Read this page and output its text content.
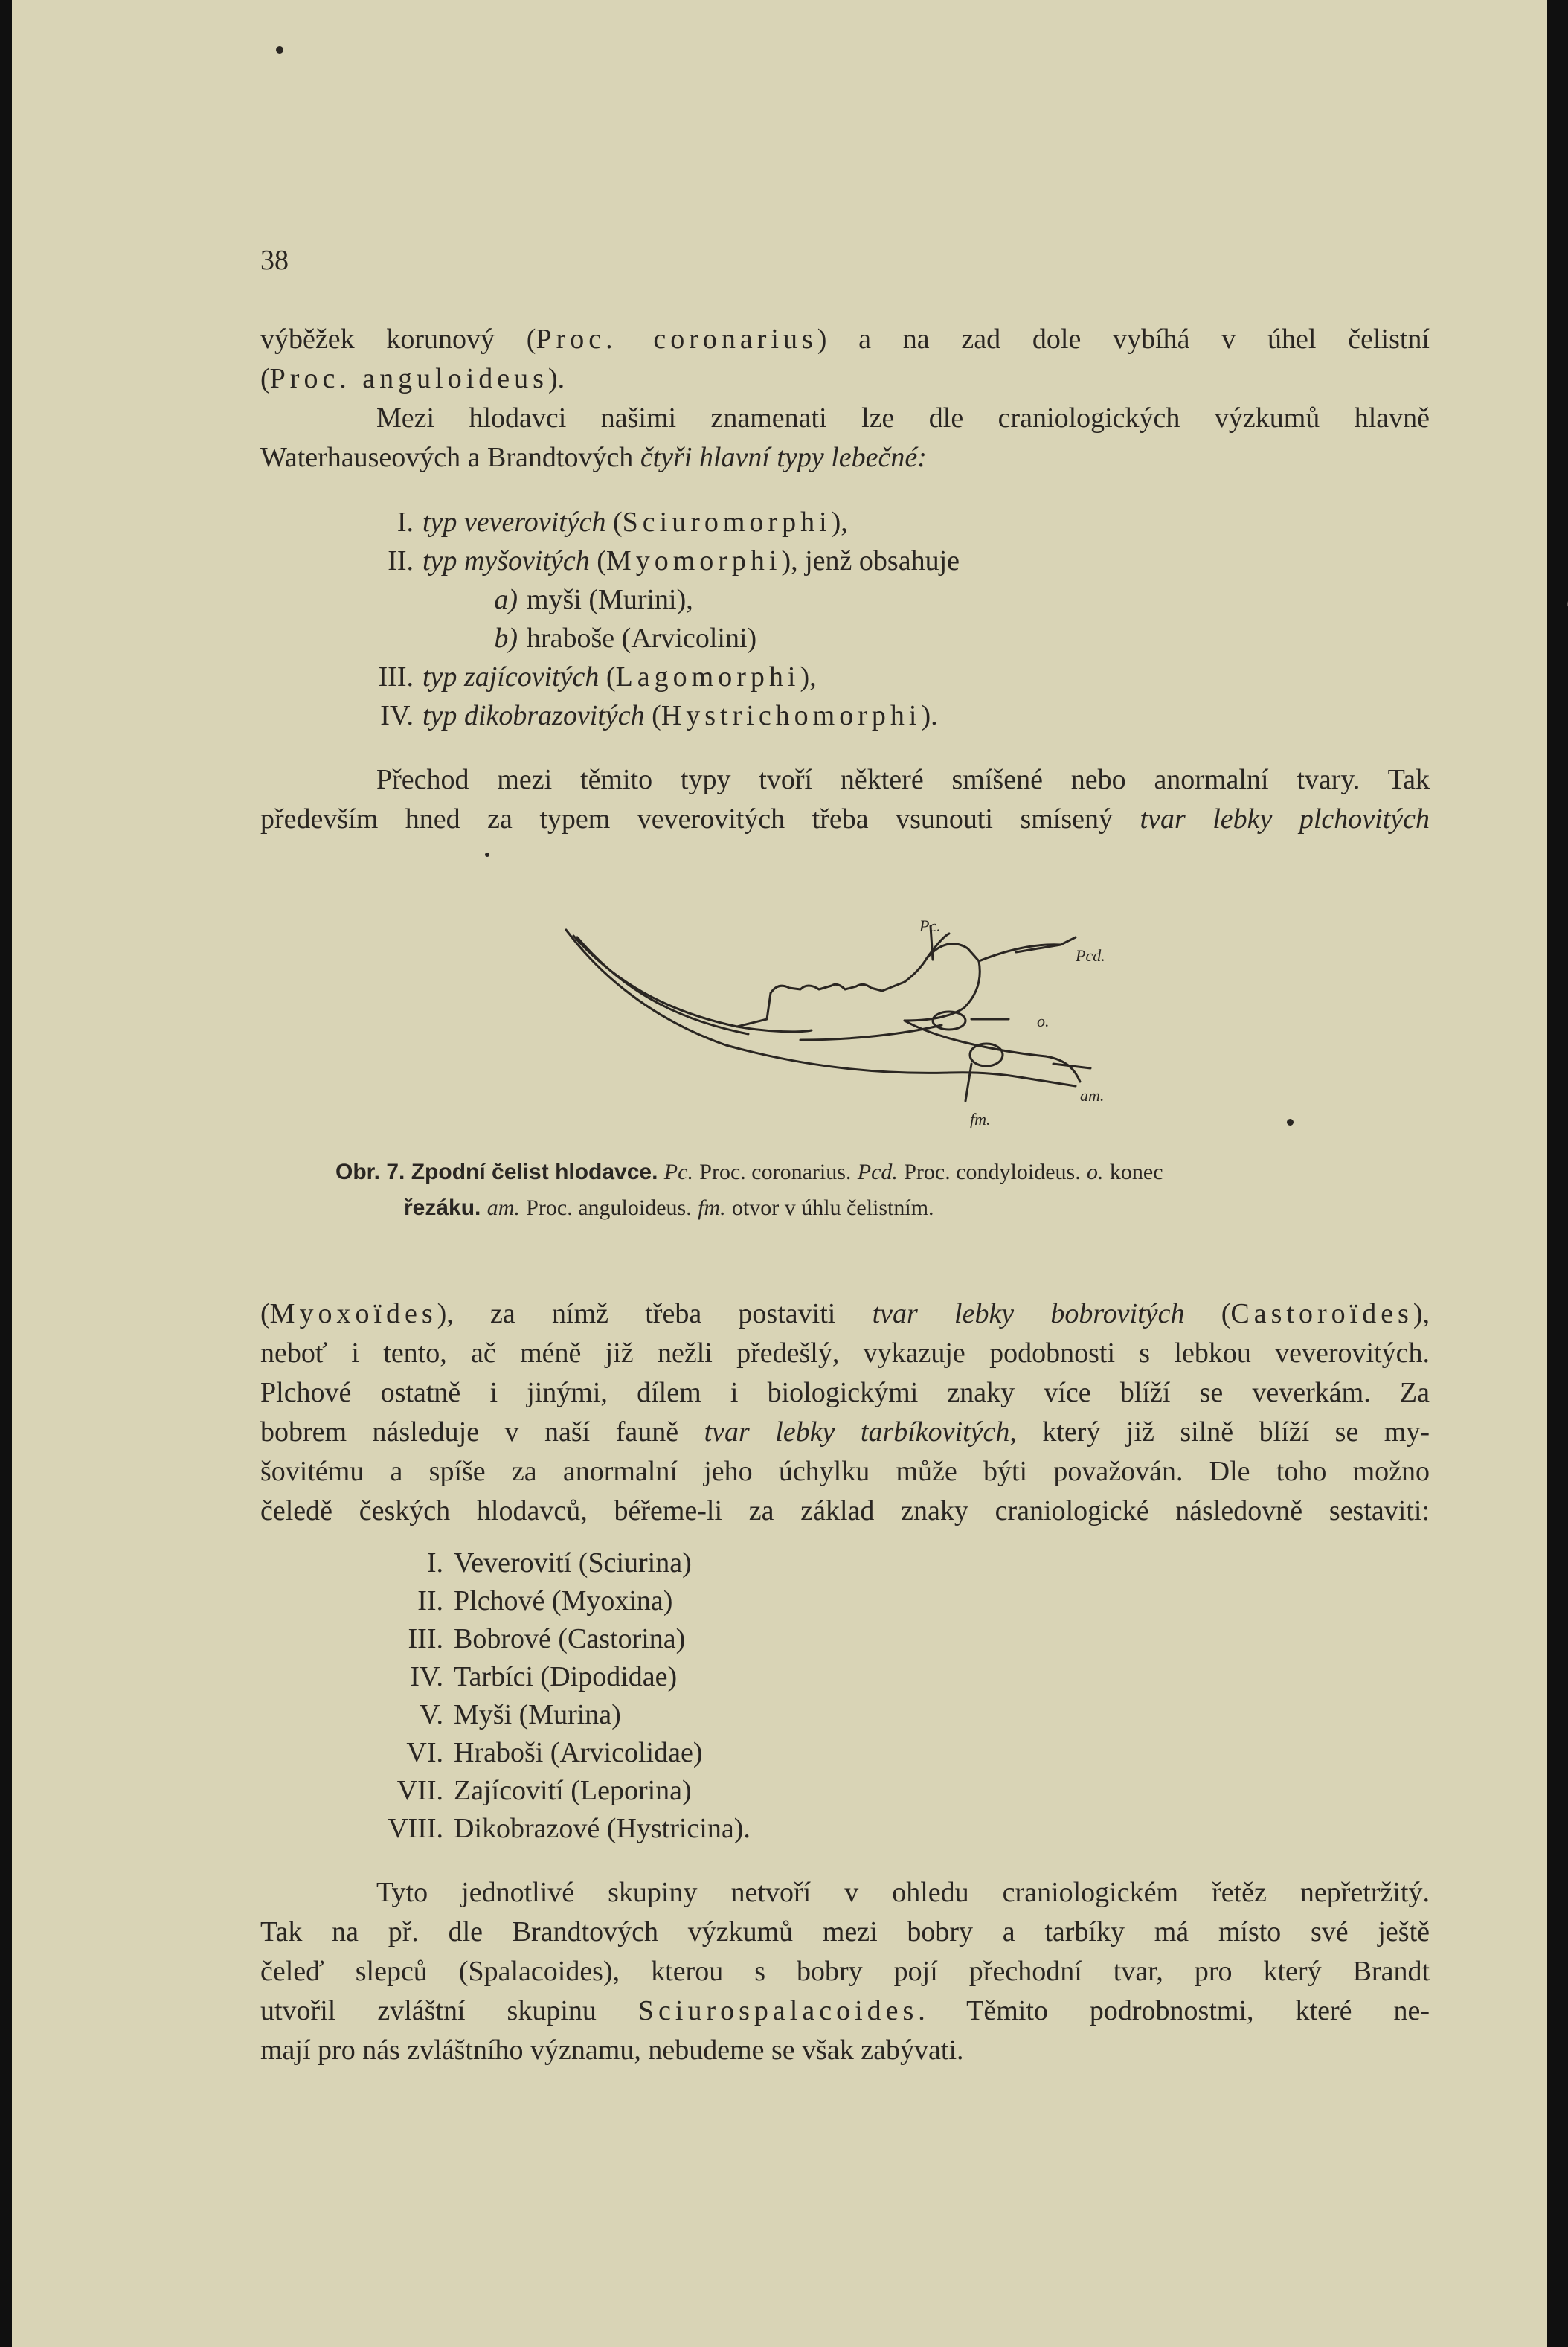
38
výběžek korunový (Proc. coronarius) a na zad dole vybíhá v úhel čelistní
(Proc. anguloideus).
Mezi hlodavci našimi znamenati lze dle craniologických výzkumů hlavně
Waterhauseových a Brandtových čtyři hlavní typy lebečné:
I. typ veverovitých (Sciuromorphi),
II. typ myšovitých (Myomorphi), jenž obsahuje
a) myši (Murini),
b) hraboše (Arvicolini)
III. typ zajícovitých (Lagomorphi),
IV. typ dikobrazovitých (Hystrichomorphi).
Přechod mezi těmito typy tvoří některé smíšené nebo anormalní tvary. Tak
především hned za typem veverovitých třeba vsunouti smísený tvar lebky plchovitých
Pc.
Pcd.
o.
am.
fm.
Obr. 7. Zpodní čelist hlodavce. Pc. Proc. coronarius. Pcd. Proc. condyloideus. o. konec
řezáku. am. Proc. anguloideus. fm. otvor v úhlu čelistním.
(Myoxoïdes), za nímž třeba postaviti tvar lebky bobrovitých (Castoroïdes),
neboť i tento, ač méně již nežli předešlý, vykazuje podobnosti s lebkou veverovitých.
Plchové ostatně i jinými, dílem i biologickými znaky více blíží se veverkám. Za
bobrem následuje v naší fauně tvar lebky tarbíkovitých, který již silně blíží se my-
šovitému a spíše za anormalní jeho úchylku může býti považován. Dle toho možno
čeledě českých hlodavců, béřeme-li za základ znaky craniologické následovně sestaviti:
I. Veverovití (Sciurina)
II. Plchové (Myoxina)
III. Bobrové (Castorina)
IV. Tarbíci (Dipodidae)
V. Myši (Murina)
VI. Hraboši (Arvicolidae)
VII. Zajícovití (Leporina)
VIII. Dikobrazové (Hystricina).
Tyto jednotlivé skupiny netvoří v ohledu craniologickém řetěz nepřetržitý.
Tak na př. dle Brandtových výzkumů mezi bobry a tarbíky má místo své ještě
čeleď slepců (Spalacoides), kterou s bobry pojí přechodní tvar, pro který Brandt
utvořil zvláštní skupinu Sciurospalacoides. Těmito podrobnostmi, které ne-
mají pro nás zvláštního významu, nebudeme se však zabývati.
